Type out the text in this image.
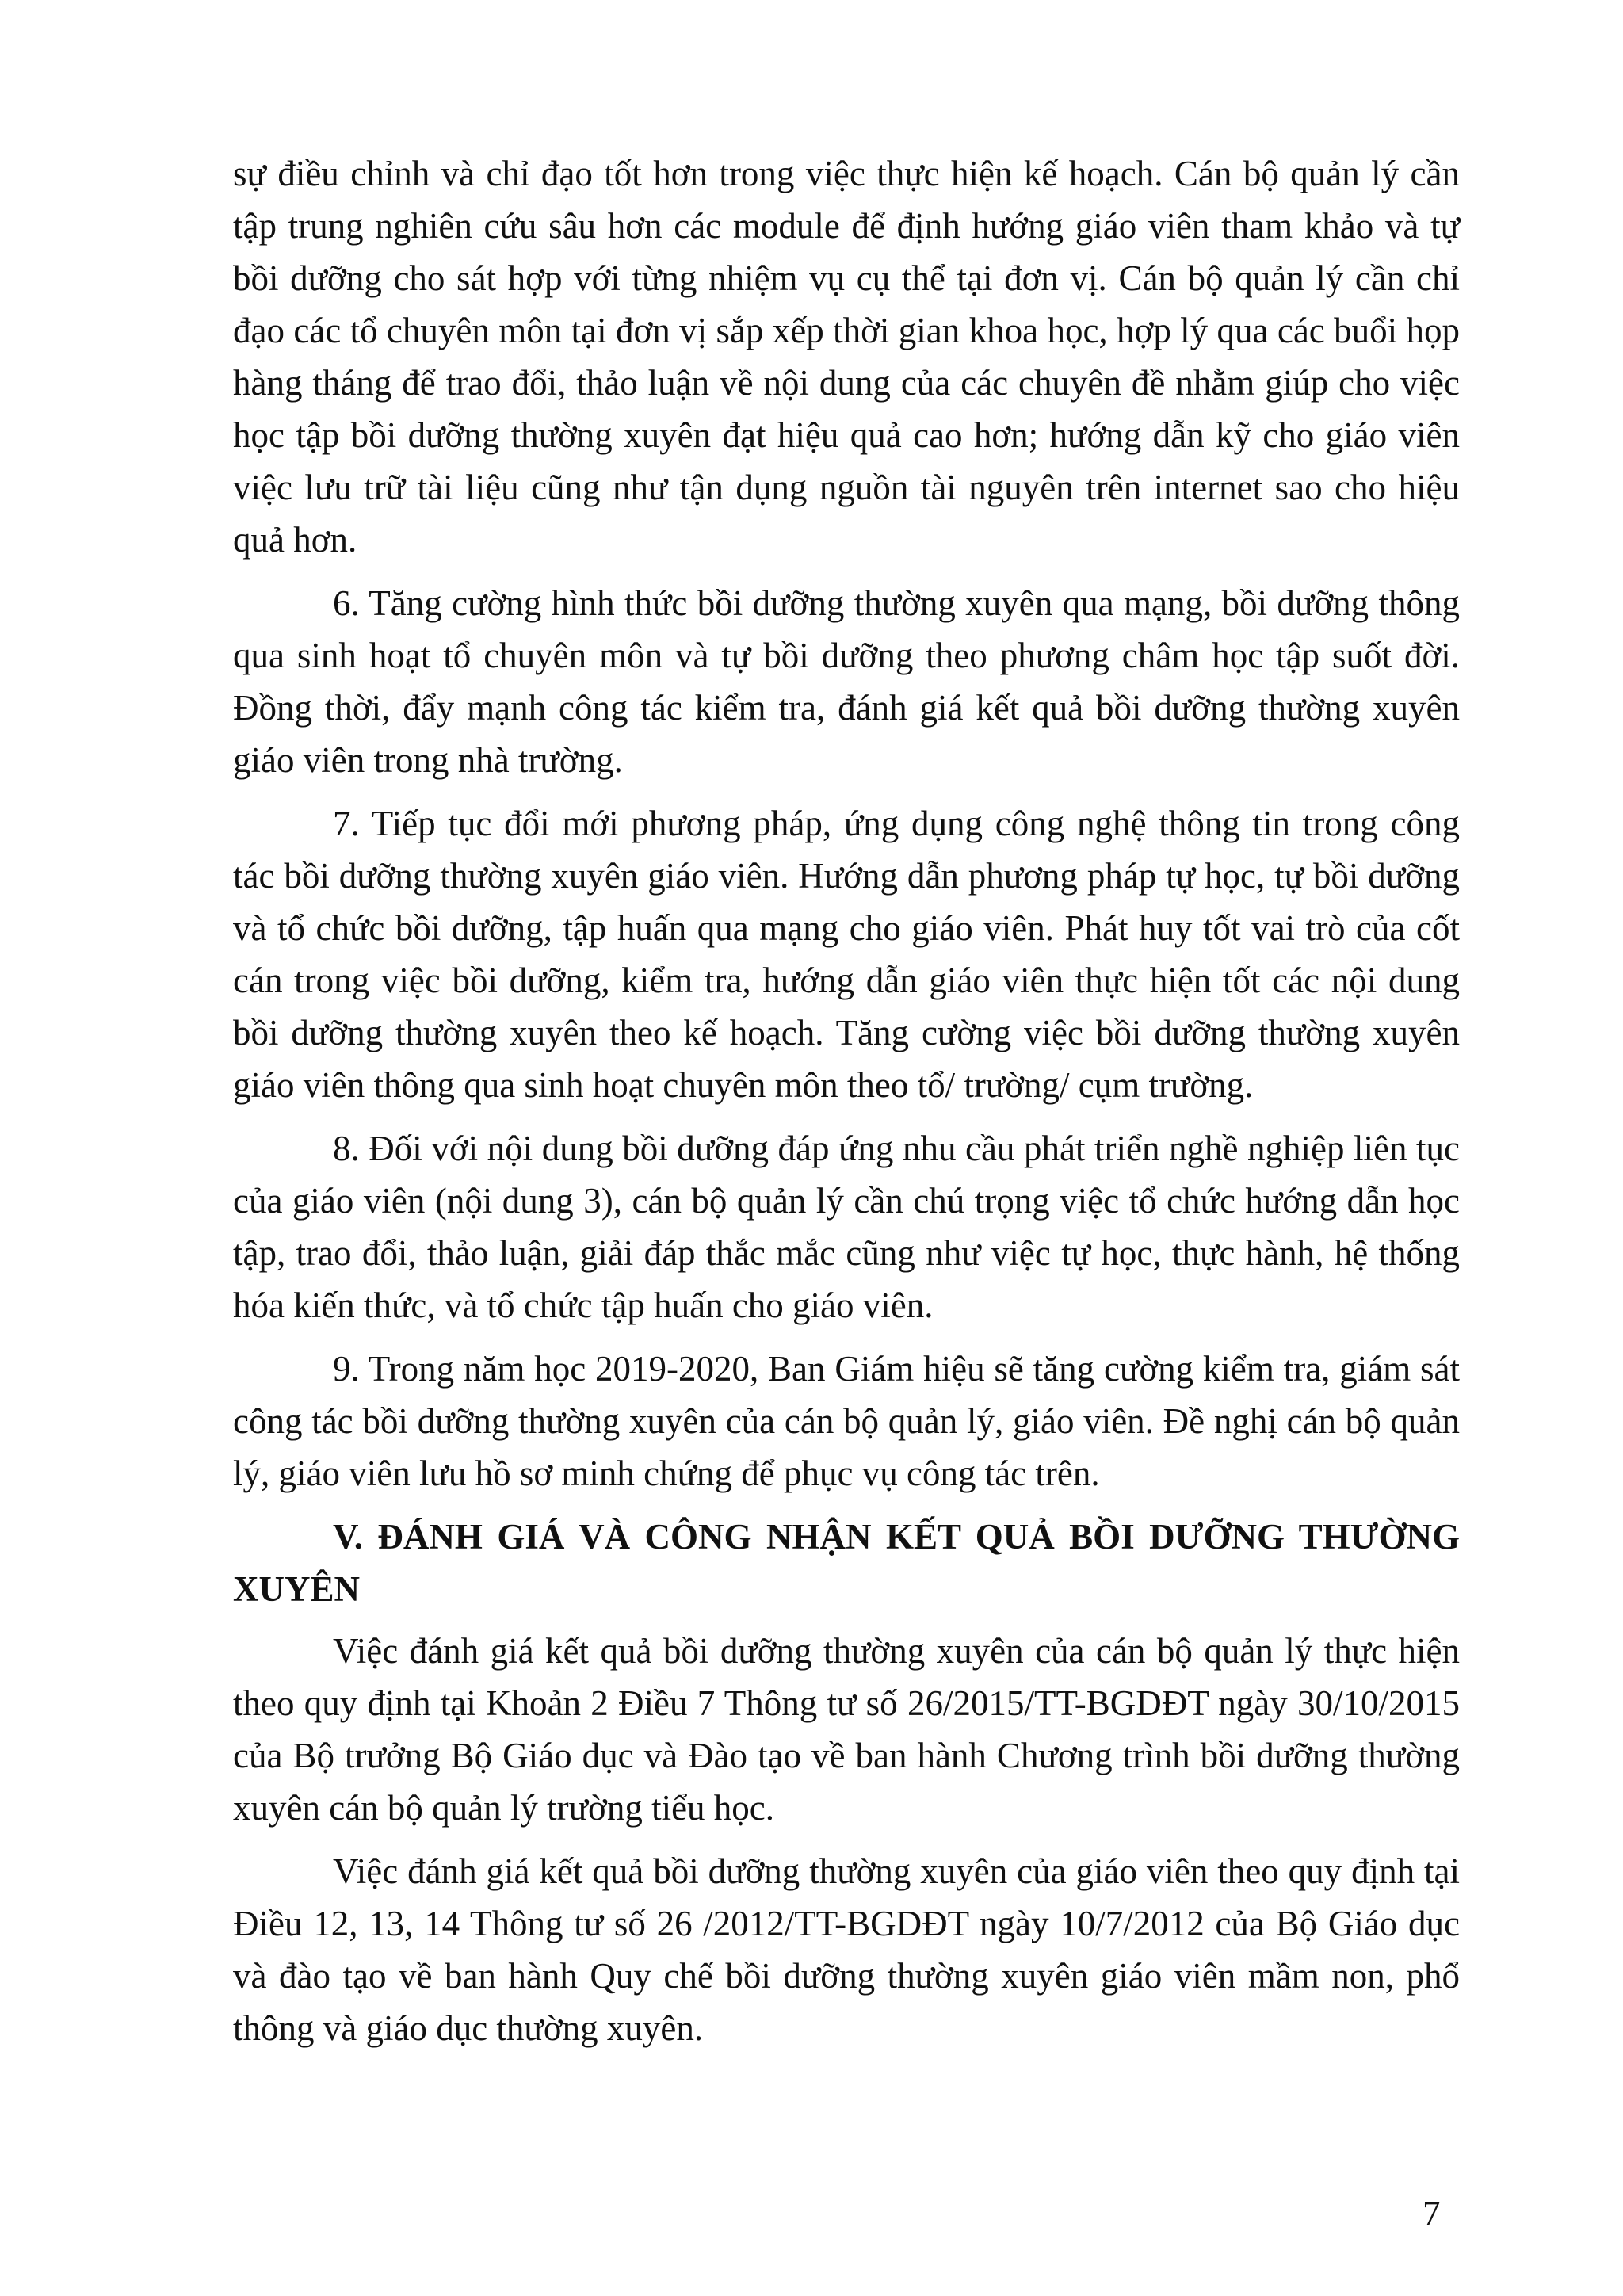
sự điều chỉnh và chỉ đạo tốt hơn trong việc thực hiện kế hoạch. Cán bộ quản lý cần tập trung nghiên cứu sâu hơn các module để định hướng giáo viên tham khảo và tự bồi dưỡng cho sát hợp với từng nhiệm vụ cụ thể tại đơn vị. Cán bộ quản lý cần chỉ đạo các tổ chuyên môn tại đơn vị sắp xếp thời gian khoa học, hợp lý qua các buổi họp hàng tháng để trao đổi, thảo luận về nội dung của các chuyên đề nhằm giúp cho việc học tập bồi dưỡng thường xuyên đạt hiệu quả cao hơn; hướng dẫn kỹ cho giáo viên việc lưu trữ tài liệu cũng như tận dụng nguồn tài nguyên trên internet sao cho hiệu quả hơn.

6. Tăng cường hình thức bồi dưỡng thường xuyên qua mạng, bồi dưỡng thông qua sinh hoạt tổ chuyên môn và tự bồi dưỡng theo phương châm học tập suốt đời. Đồng thời, đẩy mạnh công tác kiểm tra, đánh giá kết quả bồi dưỡng thường xuyên giáo viên trong nhà trường.

7. Tiếp tục đổi mới phương pháp, ứng dụng công nghệ thông tin trong công tác bồi dưỡng thường xuyên giáo viên. Hướng dẫn phương pháp tự học, tự bồi dưỡng và tổ chức bồi dưỡng, tập huấn qua mạng cho giáo viên. Phát huy tốt vai trò của cốt cán trong việc bồi dưỡng, kiểm tra, hướng dẫn giáo viên thực hiện tốt các nội dung bồi dưỡng thường xuyên theo kế hoạch. Tăng cường việc bồi dưỡng thường xuyên giáo viên thông qua sinh hoạt chuyên môn theo tổ/ trường/ cụm trường.

8. Đối với nội dung bồi dưỡng đáp ứng nhu cầu phát triển nghề nghiệp liên tục của giáo viên (nội dung 3), cán bộ quản lý cần chú trọng việc tổ chức hướng dẫn học tập, trao đổi, thảo luận, giải đáp thắc mắc cũng như việc tự học, thực hành, hệ thống hóa kiến thức, và tổ chức tập huấn cho giáo viên.

9. Trong năm học 2019-2020, Ban Giám hiệu sẽ tăng cường kiểm tra, giám sát công tác bồi dưỡng thường xuyên của cán bộ quản lý, giáo viên. Đề nghị cán bộ quản lý, giáo viên lưu hồ sơ minh chứng để phục vụ công tác trên.

V. ĐÁNH GIÁ VÀ CÔNG NHẬN KẾT QUẢ BỒI DƯỠNG THƯỜNG XUYÊN

Việc đánh giá kết quả bồi dưỡng thường xuyên của cán bộ quản lý thực hiện theo quy định tại Khoản 2 Điều 7 Thông tư số 26/2015/TT-BGDĐT ngày 30/10/2015 của Bộ trưởng Bộ Giáo dục và Đào tạo về ban hành Chương trình bồi dưỡng thường xuyên cán bộ quản lý trường tiểu học.

Việc đánh giá kết quả bồi dưỡng thường xuyên của giáo viên theo quy định tại Điều 12, 13, 14 Thông tư số 26 /2012/TT-BGDĐT ngày 10/7/2012 của Bộ Giáo dục và đào tạo về ban hành Quy chế bồi dưỡng thường xuyên giáo viên mầm non, phổ thông và giáo dục thường xuyên.

7
